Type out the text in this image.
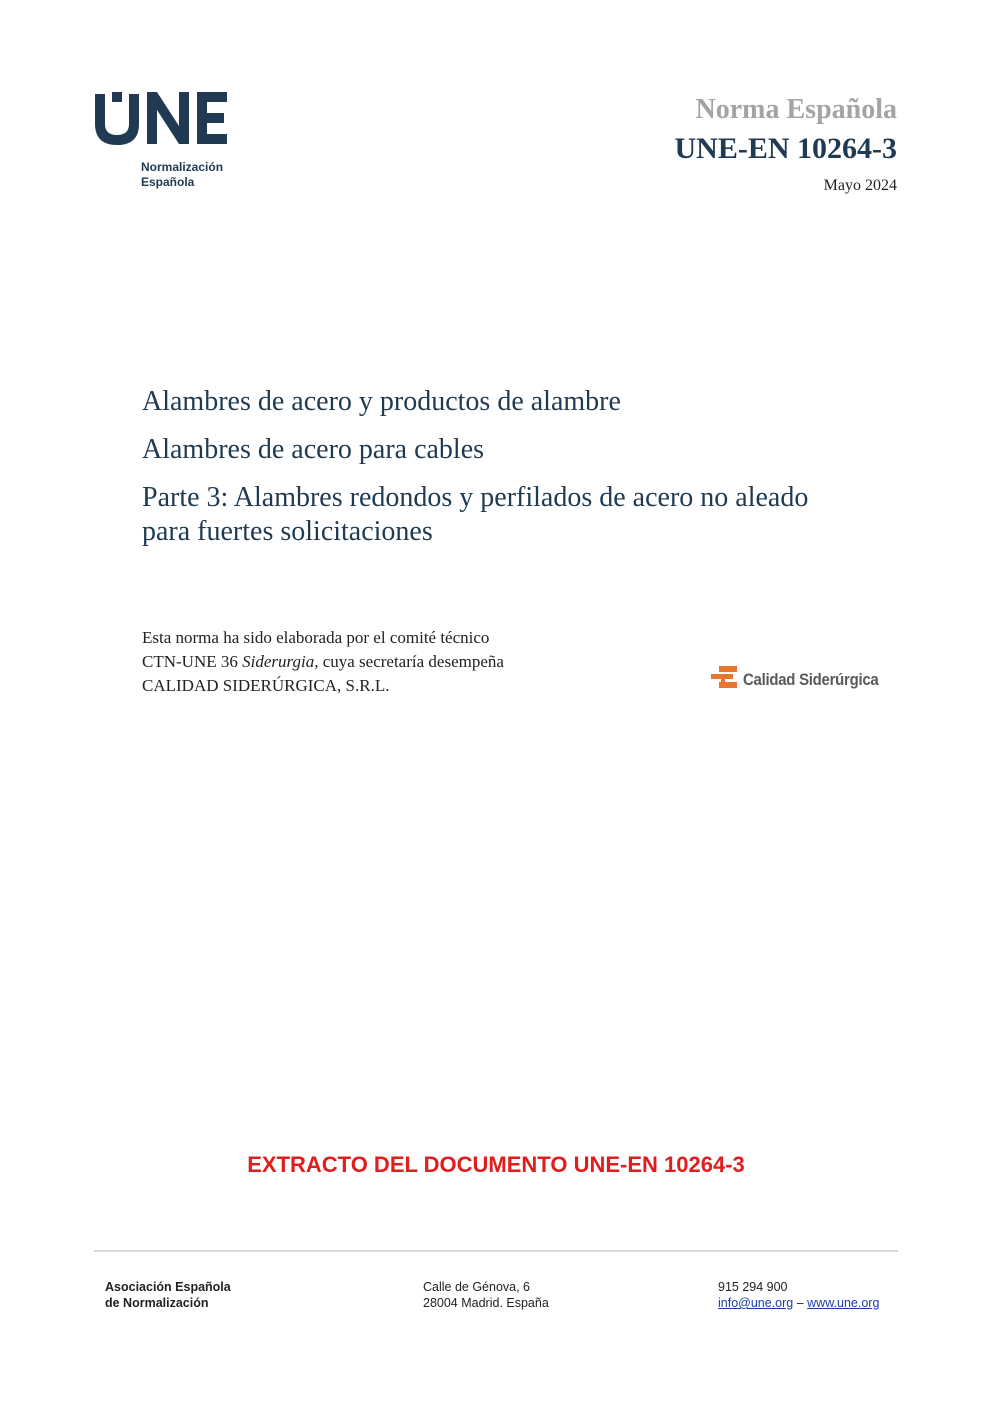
Normalización
Española
Norma Española
UNE-EN 10264-3
Mayo 2024
Alambres de acero y productos de alambre
Alambres de acero para cables
Parte 3: Alambres redondos y perfilados de acero no aleado para fuertes solicitaciones
Esta norma ha sido elaborada por el comité técnico
CTN-UNE 36 Siderurgia, cuya secretaría desempeña
CALIDAD SIDERÚRGICA, S.R.L.	Calidad Siderúrgica
EXTRACTO DEL DOCUMENTO UNE-EN 10264-3
Asociación Española
de Normalización
Calle de Génova, 6
28004 Madrid. España
915 294 900
info@une.org – www.une.org
